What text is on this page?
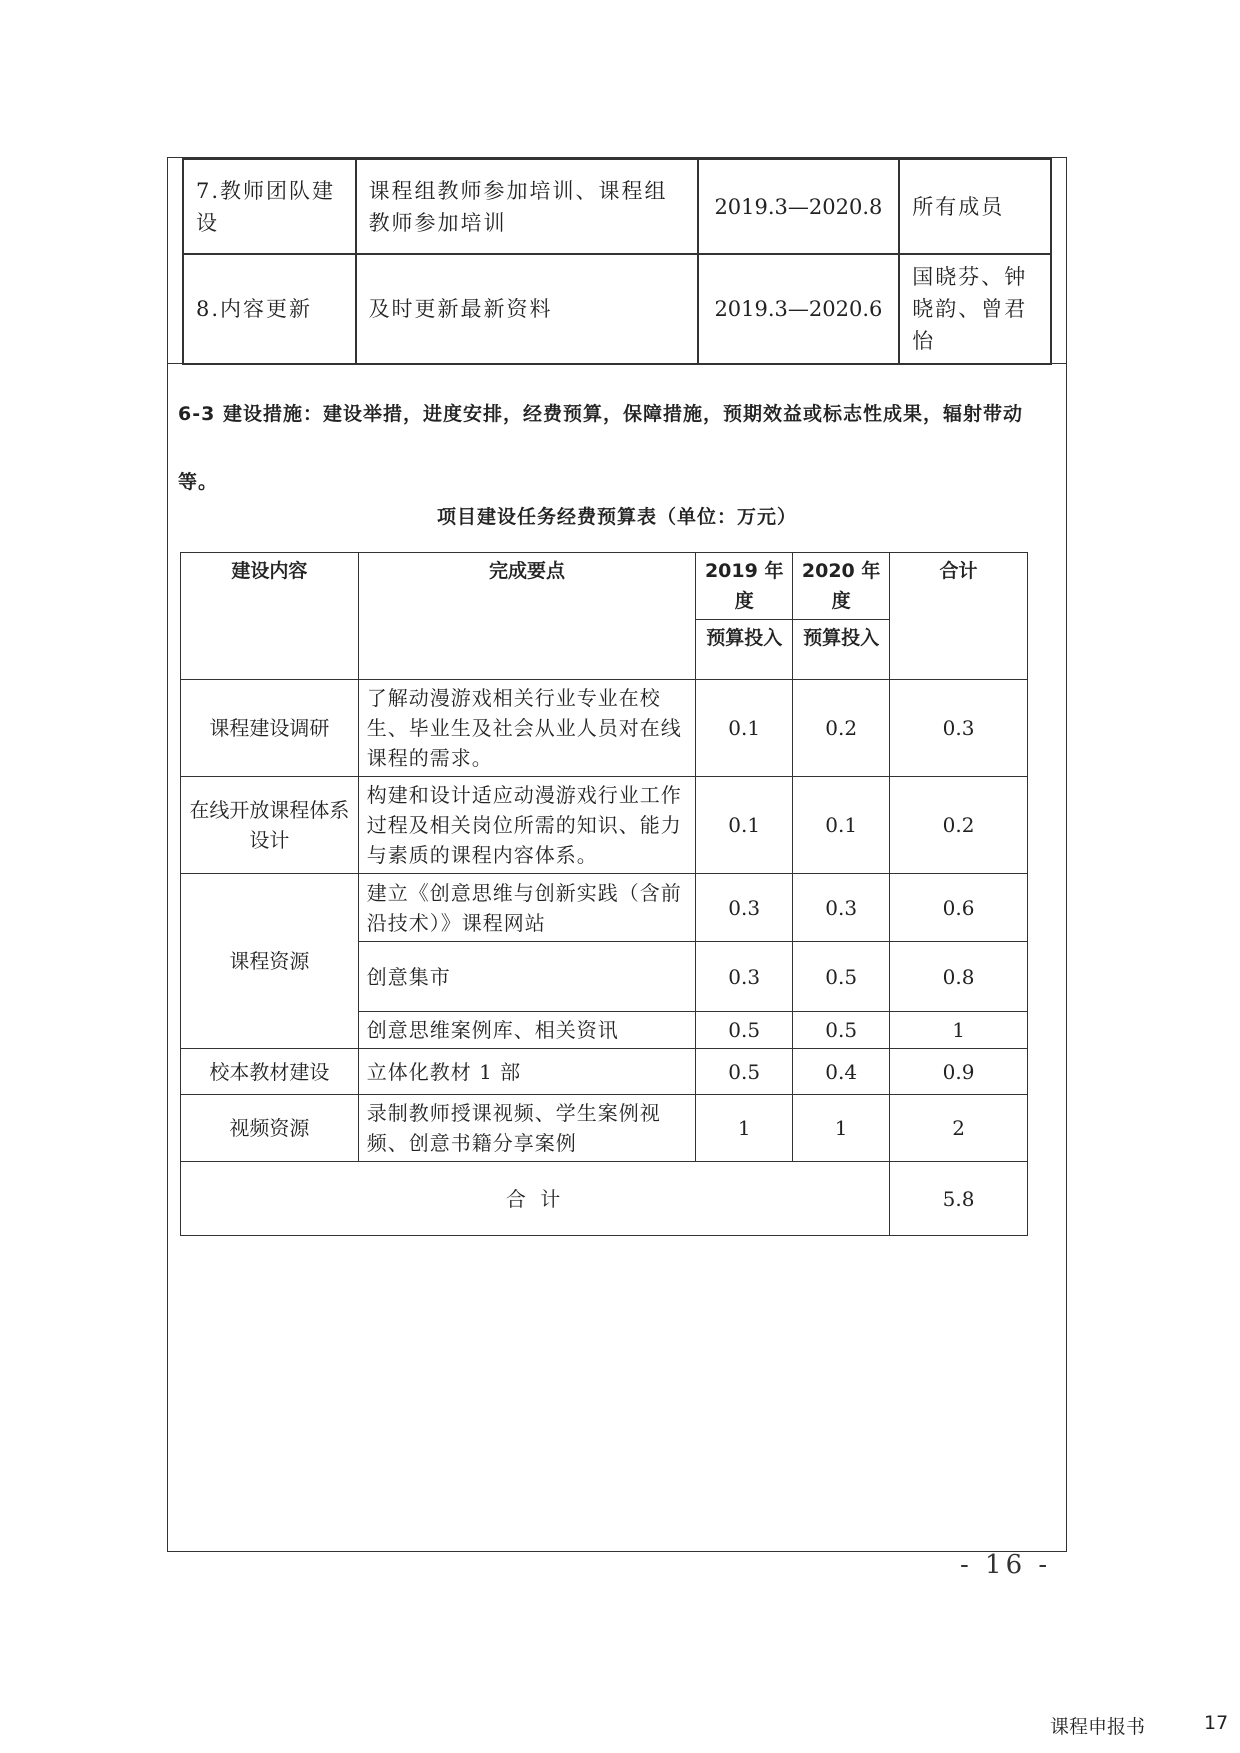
7.教师团队建设	课程组教师参加培训、课程组教师参加培训	2019.3—2020.8	所有成员
8.内容更新	及时更新最新资料	2019.3—2020.6	国晓芬、钟晓韵、曾君怡

6-3 建设措施：建设举措，进度安排，经费预算，保障措施，预期效益或标志性成果，辐射带动等。

项目建设任务经费预算表（单位：万元）
建设内容	完成要点	2019 年度	2020 年度	合计
		预算投入	预算投入	
课程建设调研	了解动漫游戏相关行业专业在校生、毕业生及社会从业人员对在线课程的需求。	0.1	0.2	0.3
在线开放课程体系设计	构建和设计适应动漫游戏行业工作过程及相关岗位所需的知识、能力与素质的课程内容体系。	0.1	0.1	0.2
课程资源	建立《创意思维与创新实践（含前沿技术）》课程网站	0.3	0.3	0.6
	创意集市	0.3	0.5	0.8
	创意思维案例库、相关资讯	0.5	0.5	1
校本教材建设	立体化教材 1 部	0.5	0.4	0.9
视频资源	录制教师授课视频、学生案例视频、创意书籍分享案例	1	1	2
合 计				5.8
- 16 -
课程申报书	17
